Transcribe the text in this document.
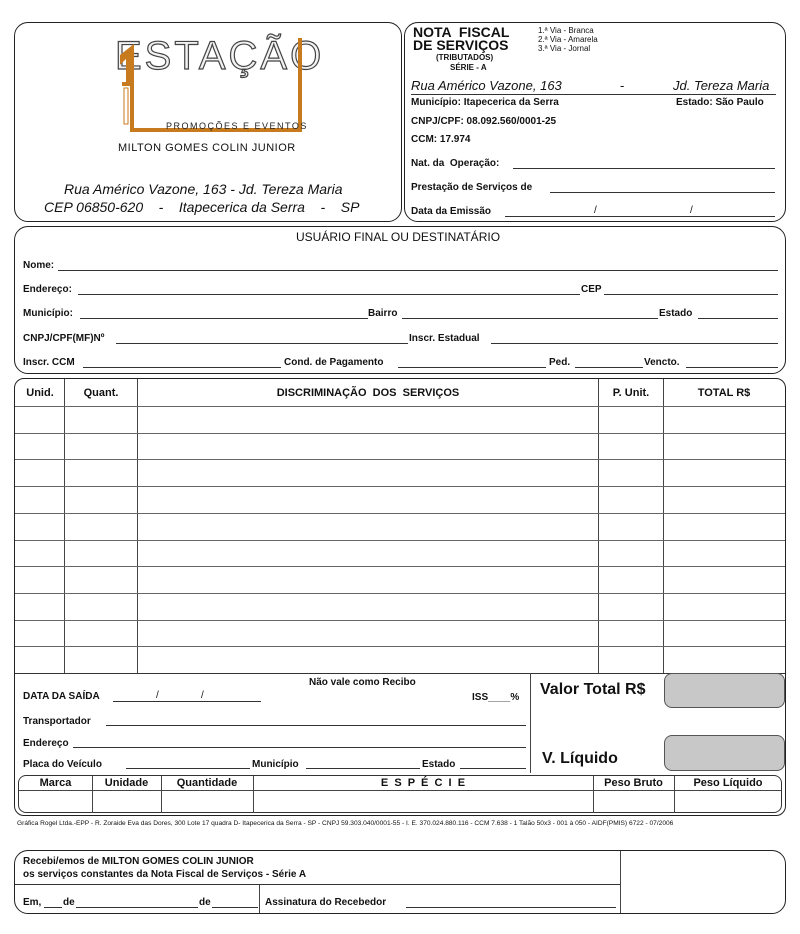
ESTAÇÃO
PROMOÇÕES E EVENTOS
MILTON GOMES COLIN JUNIOR
Rua Américo Vazone, 163 - Jd. Tereza Maria
CEP 06850-620    -    Itapecerica da Serra    -    SP
NOTA  FISCAL
DE SERVIÇOS
(TRIBUTADOS)
SÉRIE - A
1.ª Via - Branca
2.ª Via - Amarela
3.ª Via - Jornal
Rua Américo Vazone, 163	-	Jd. Tereza Maria
Município: Itapecerica da Serra	Estado: São Paulo
CNPJ/CPF: 08.092.560/0001-25
CCM: 17.974
Nat. da  Operação:
Prestação de Serviços de
Data da Emissão	/	/
USUÁRIO FINAL OU DESTINATÁRIO
Nome:
Endereço:	CEP
Município:	Bairro	Estado
CNPJ/CPF(MF)Nº	Inscr. Estadual
Inscr. CCM	Cond. de Pagamento	Ped.	Vencto.
Unid.	Quant.	DISCRIMINAÇÃO  DOS  SERVIÇOS	P. Unit.	TOTAL R$
DATA DA SAÍDA	/	/
Não vale como Recibo
ISS____%
Transportador
Endereço
Placa do Veículo	Município	Estado
Valor Total R$
V. Líquido
Marca	Unidade	Quantidade	E  S  P  É  C  I  E	Peso Bruto	Peso Líquido
Gráfica Rogel Ltda.-EPP - R. Zoraide Eva das Dores, 300 Lote 17 quadra D- Itapecerica da Serra - SP - CNPJ 59.303.040/0001-55 - I. E. 370.024.880.116 - CCM 7.638 - 1 Talão 50x3 - 001 à 050 - AIDF(PMIS) 6722 - 07/2006
Recebi/emos de MILTON GOMES COLIN JUNIOR
os serviços constantes da Nota Fiscal de Serviços - Série A
Em, de	de	Assinatura do Recebedor
